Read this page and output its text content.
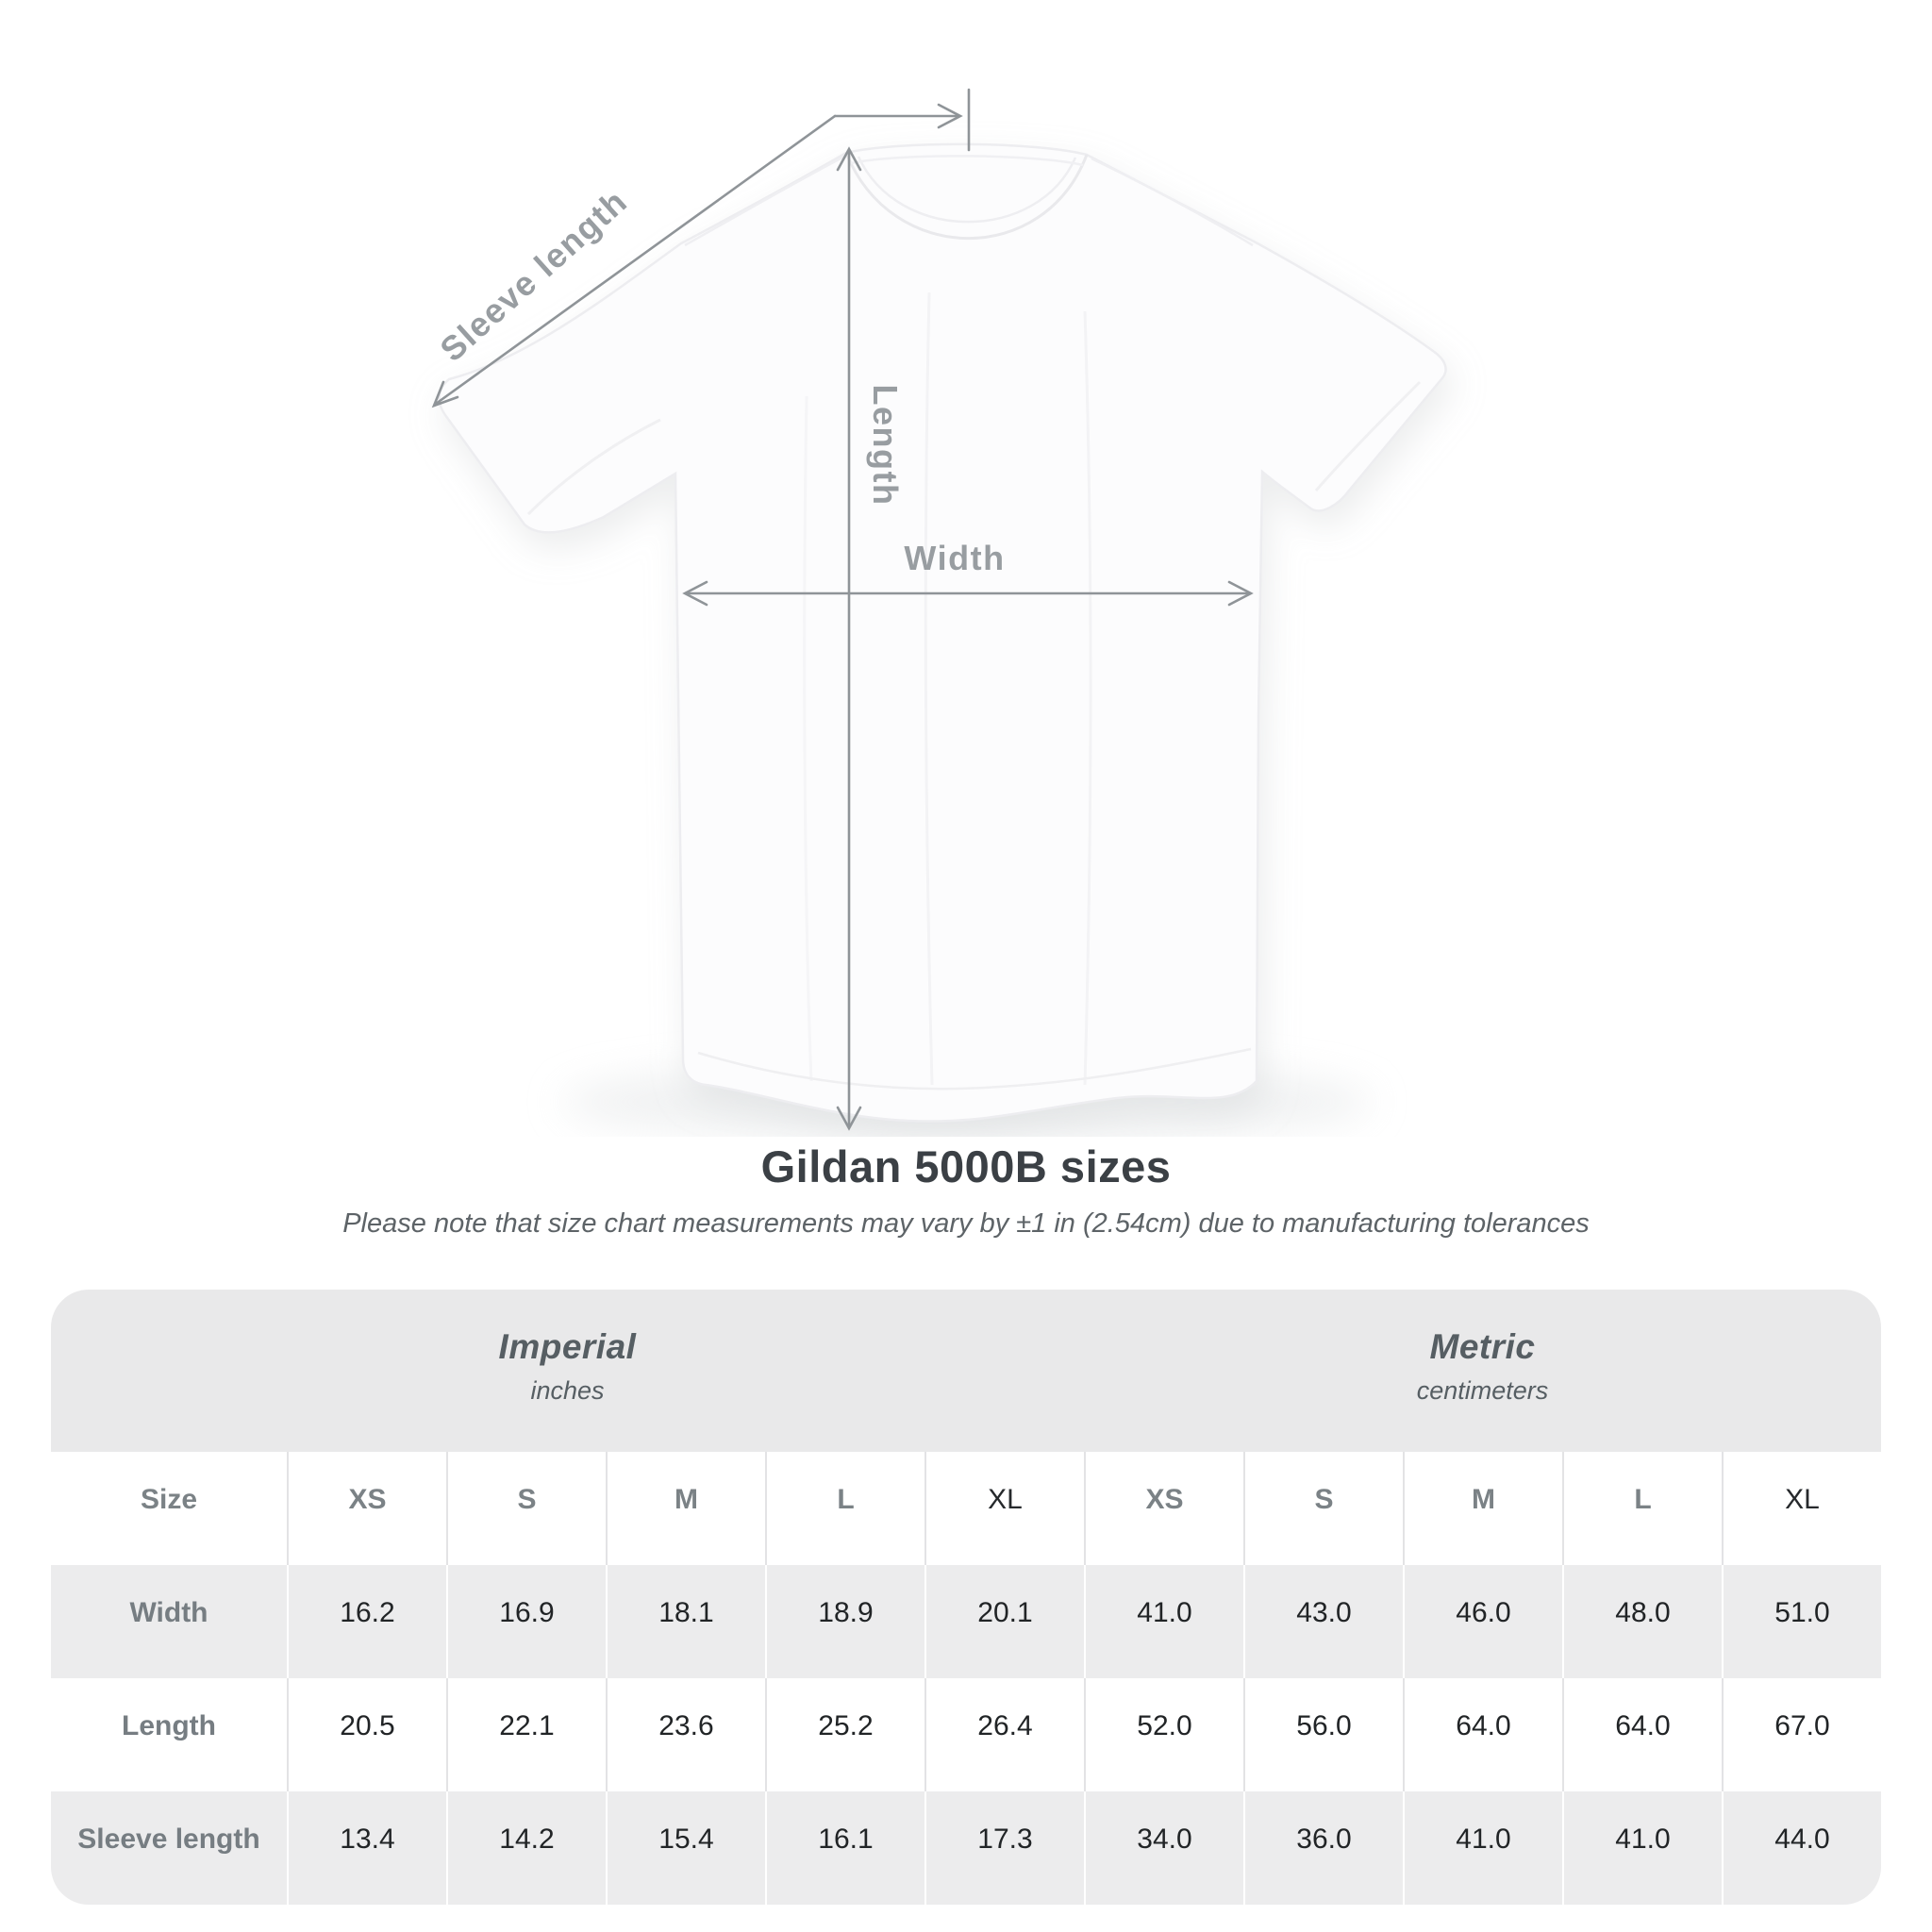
Sleeve length
Length
Width
Gildan 5000B sizes
Please note that size chart measurements may vary by ±1 in (2.54cm) due to manufacturing tolerances
Imperial
inches
Metric
centimeters
Size	XS	S	M	L	XL	XS	S	M	L	XL
Width	16.2	16.9	18.1	18.9	20.1	41.0	43.0	46.0	48.0	51.0
Length	20.5	22.1	23.6	25.2	26.4	52.0	56.0	64.0	64.0	67.0
Sleeve length	13.4	14.2	15.4	16.1	17.3	34.0	36.0	41.0	41.0	44.0
